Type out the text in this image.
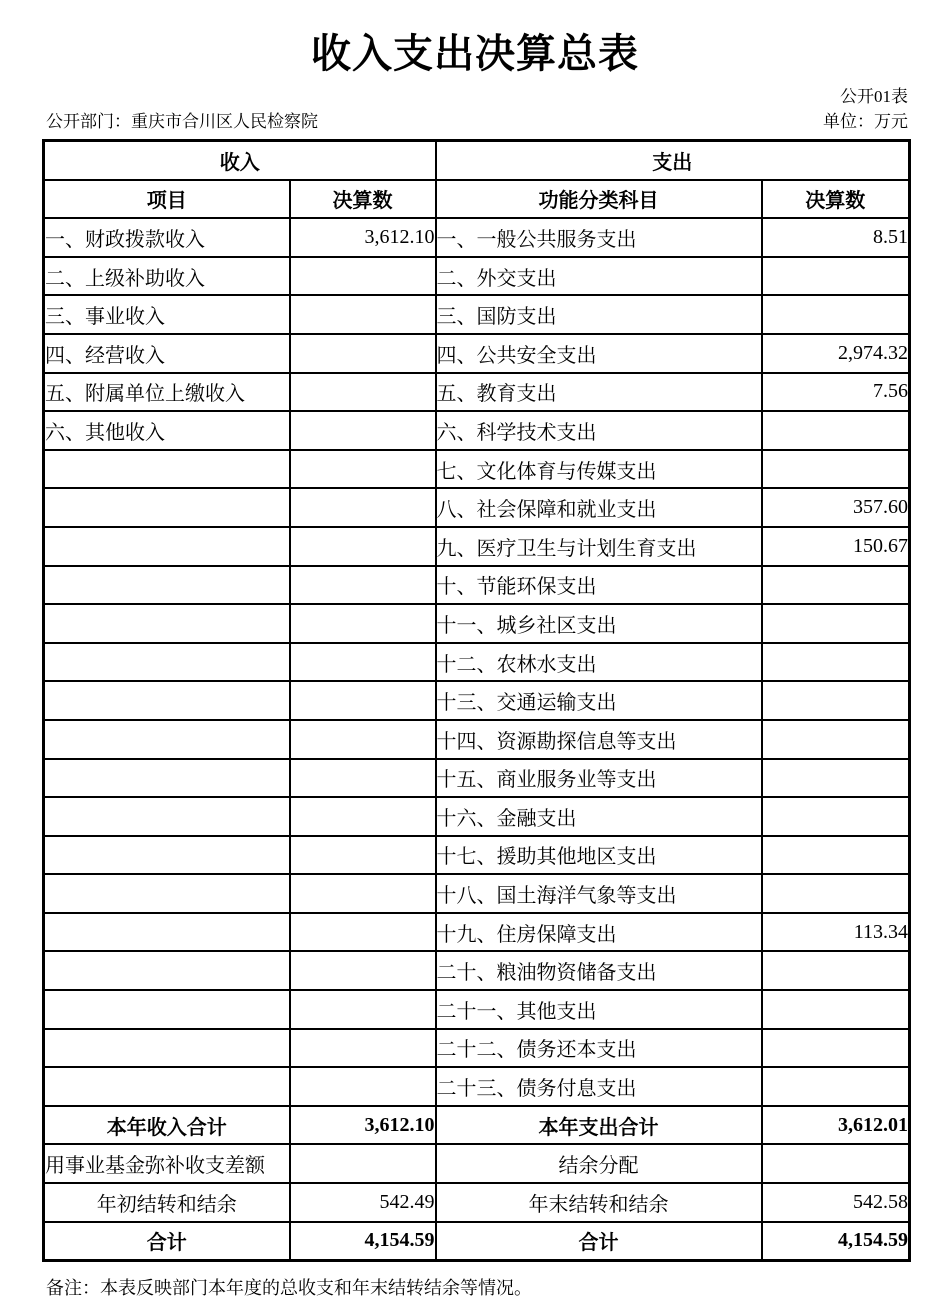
收入支出决算总表
公开01表
公开部门：重庆市合川区人民检察院	单位：万元
收入		支出	
项目	决算数	功能分类科目	决算数
一、财政拨款收入	3,612.10	一、一般公共服务支出	8.51
二、上级补助收入		二、外交支出	
三、事业收入		三、国防支出	
四、经营收入		四、公共安全支出	2,974.32
五、附属单位上缴收入		五、教育支出	7.56
六、其他收入		六、科学技术支出	
		七、文化体育与传媒支出	
		八、社会保障和就业支出	357.60
		九、医疗卫生与计划生育支出	150.67
		十、节能环保支出	
		十一、城乡社区支出	
		十二、农林水支出	
		十三、交通运输支出	
		十四、资源勘探信息等支出	
		十五、商业服务业等支出	
		十六、金融支出	
		十七、援助其他地区支出	
		十八、国土海洋气象等支出	
		十九、住房保障支出	113.34
		二十、粮油物资储备支出	
		二十一、其他支出	
		二十二、债务还本支出	
		二十三、债务付息支出	
本年收入合计	3,612.10	本年支出合计	3,612.01
用事业基金弥补收支差额		结余分配	
年初结转和结余	542.49	年末结转和结余	542.58
合计	4,154.59	合计	4,154.59
备注：本表反映部门本年度的总收支和年末结转结余等情况。
